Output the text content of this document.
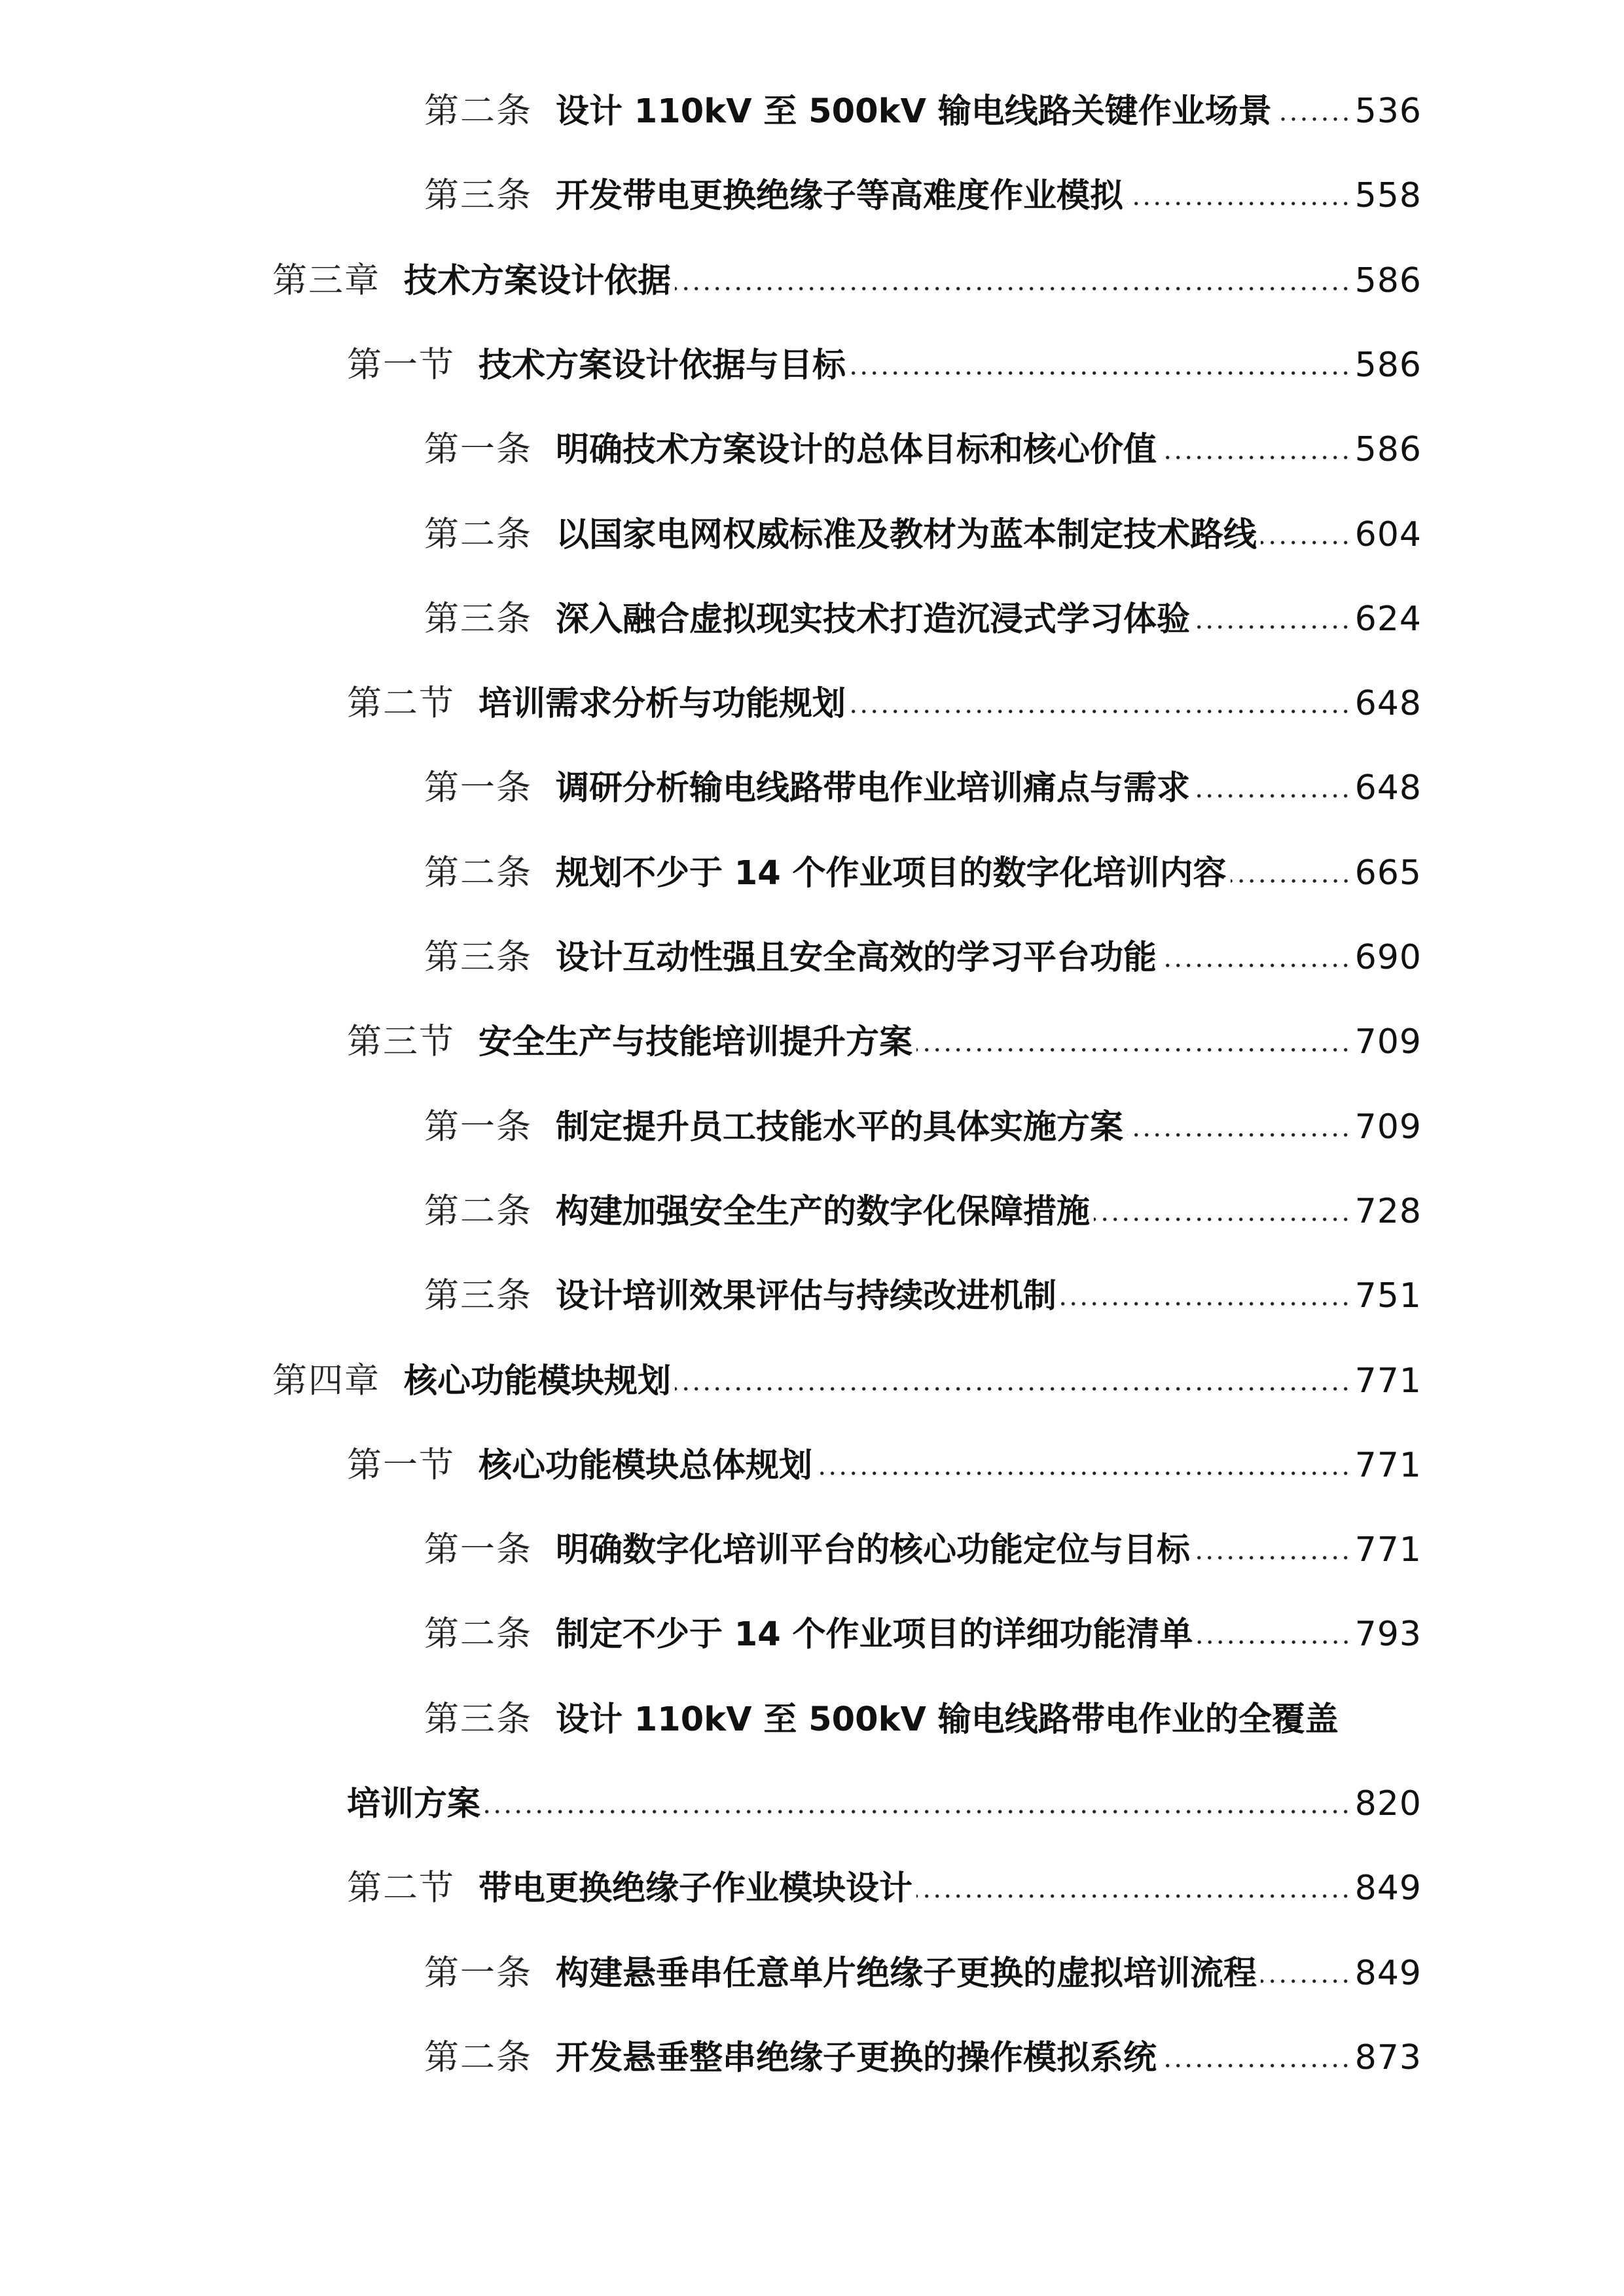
第二条 设计 110kV 至 500kV 输电线路关键作业场景 536
第三条 开发带电更换绝缘子等高难度作业模拟	558
第三章 技术方案设计依据	586
第一节 技术方案设计依据与目标	586
第一条 明确技术方案设计的总体目标和核心价值	586
第二条 以国家电网权威标准及教材为蓝本制定技术路线	604
第三条 深入融合虚拟现实技术打造沉浸式学习体验	624
第二节 培训需求分析与功能规划	648
第一条 调研分析输电线路带电作业培训痛点与需求	648
第二条 规划不少于 14 个作业项目的数字化培训内容	665
第三条 设计互动性强且安全高效的学习平台功能	690
第三节 安全生产与技能培训提升方案	709
第一条 制定提升员工技能水平的具体实施方案	709
第二条 构建加强安全生产的数字化保障措施	728
第三条 设计培训效果评估与持续改进机制	751
第四章 核心功能模块规划	771
第一节 核心功能模块总体规划	771
第一条 明确数字化培训平台的核心功能定位与目标	771
第二条 制定不少于 14 个作业项目的详细功能清单	793
第三条 设计 110kV 至 500kV 输电线路带电作业的全覆盖
培训方案	820
第二节 带电更换绝缘子作业模块设计	849
第一条 构建悬垂串任意单片绝缘子更换的虚拟培训流程	849
第二条 开发悬垂整串绝缘子更换的操作模拟系统	873
